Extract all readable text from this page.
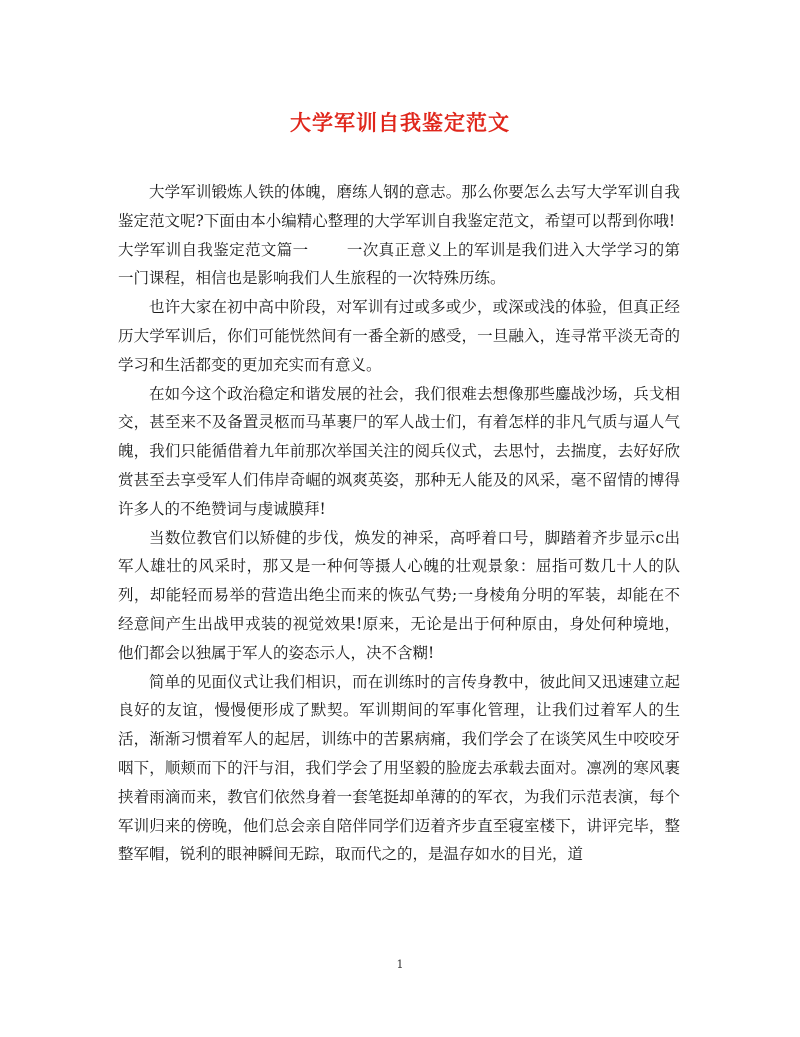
大学军训自我鉴定范文

大学军训锻炼人铁的体魄，磨练人钢的意志。那么你要怎么去写大学军训自我鉴定范文呢?下面由本小编精心整理的大学军训自我鉴定范文，希望可以帮到你哦!

大学军训自我鉴定范文篇一 一次真正意义上的军训是我们进入大学学习的第一门课程，相信也是影响我们人生旅程的一次特殊历练。

也许大家在初中高中阶段，对军训有过或多或少，或深或浅的体验，但真正经历大学军训后，你们可能恍然间有一番全新的感受，一旦融入，连寻常平淡无奇的学习和生活都变的更加充实而有意义。

在如今这个政治稳定和谐发展的社会，我们很难去想像那些鏖战沙场，兵戈相交，甚至来不及备置灵柩而马革裹尸的军人战士们，有着怎样的非凡气质与逼人气魄，我们只能循借着九年前那次举国关注的阅兵仪式，去思忖，去揣度，去好好欣赏甚至去享受军人们伟岸奇崛的飒爽英姿，那种无人能及的风采，毫不留情的博得许多人的不绝赞词与虔诚膜拜!

当数位教官们以矫健的步伐，焕发的神采，高呼着口号，脚踏着齐步显示c出军人雄壮的风采时，那又是一种何等摄人心魄的壮观景象：屈指可数几十人的队列，却能轻而易举的营造出绝尘而来的恢弘气势;一身棱角分明的军装，却能在不经意间产生出战甲戎装的视觉效果!原来，无论是出于何种原由，身处何种境地，他们都会以独属于军人的姿态示人，决不含糊!

简单的见面仪式让我们相识，而在训练时的言传身教中，彼此间又迅速建立起良好的友谊，慢慢便形成了默契。军训期间的军事化管理，让我们过着军人的生活，渐渐习惯着军人的起居，训练中的苦累病痛，我们学会了在谈笑风生中咬咬牙咽下，顺颊而下的汗与泪，我们学会了用坚毅的脸庞去承载去面对。凛冽的寒风裹挟着雨滴而来，教官们依然身着一套笔挺却单薄的的军衣，为我们示范表演，每个军训归来的傍晚，他们总会亲自陪伴同学们迈着齐步直至寝室楼下，讲评完毕，整整军帽，锐利的眼神瞬间无踪，取而代之的，是温存如水的目光，道

1
